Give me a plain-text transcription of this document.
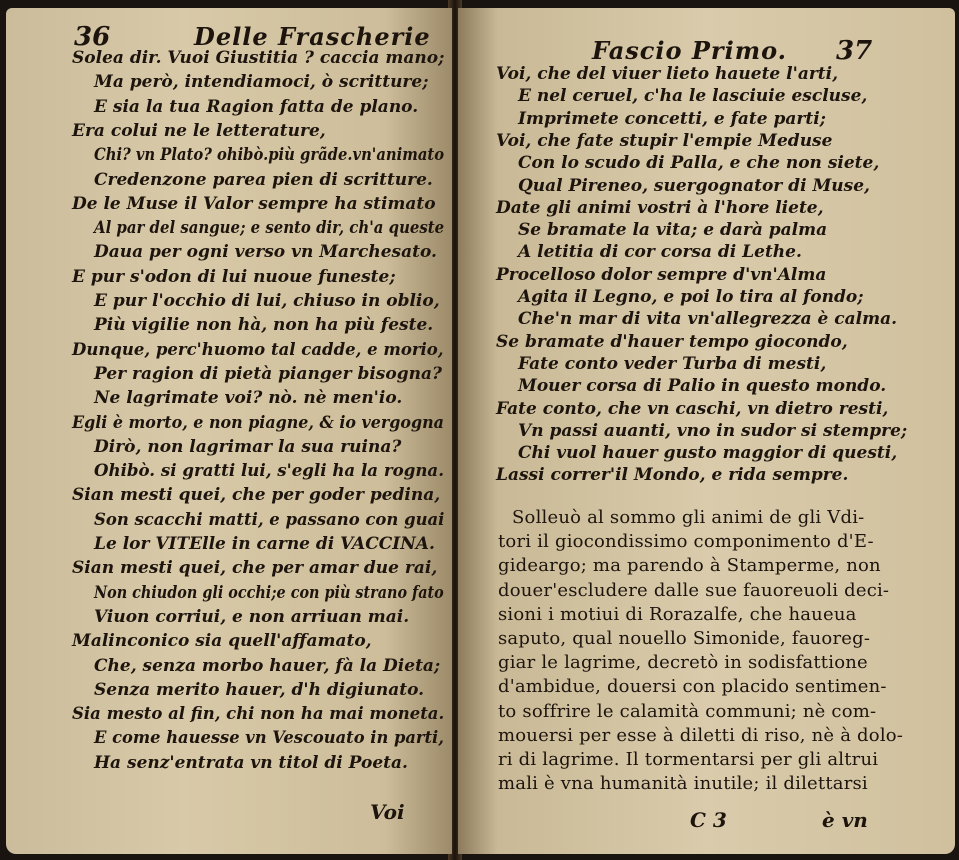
36	Delle Frascherie
Solea dir. Vuoi Giustitia ? caccia mano;
Ma però, intendiamoci, ò scritture;
E sia la tua Ragion fatta de plano.
Era colui ne le letterature,
Chi? vn Plato? ohibò.più grãde.vn'animato
Credenzone parea pien di scritture.
De le Muse il Valor sempre ha stimato
Al par del sangue; e sento dir, ch'a queste
Daua per ogni verso vn Marchesato.
E pur s'odon di lui nuoue funeste;
E pur l'occhio di lui, chiuso in oblio,
Più vigilie non hà, non ha più feste.
Dunque, perc'huomo tal cadde, e morio,
Per ragion di pietà pianger bisogna?
Ne lagrimate voi? nò. nè men'io.
Egli è morto, e non piagne, & io vergogna
Dirò, non lagrimar la sua ruina?
Ohibò. si gratti lui, s'egli ha la rogna.
Sian mesti quei, che per goder pedina,
Son scacchi matti, e passano con guai
Le lor VITElle in carne di VACCINA.
Sian mesti quei, che per amar due rai,
Non chiudon gli occhi;e con più strano fato
Viuon corriui, e non arriuan mai.
Malinconico sia quell'affamato,
Che, senza morbo hauer, fà la Dieta;
Senza merito hauer, d'h digiunato.
Sia mesto al fin, chi non ha mai moneta.
E come hauesse vn Vescouato in parti,
Ha senz'entrata vn titol di Poeta.
Voi
Fascio Primo. 37
Voi, che del viuer lieto hauete l'arti,
E nel ceruel, c'ha le lasciuie escluse,
Imprimete concetti, e fate parti;
Voi, che fate stupir l'empie Meduse
Con lo scudo di Palla, e che non siete,
Qual Pireneo, suergognator di Muse,
Date gli animi vostri à l'hore liete,
Se bramate la vita; e darà palma
A letitia di cor corsa di Lethe.
Procelloso dolor sempre d'vn'Alma
Agita il Legno, e poi lo tira al fondo;
Che'n mar di vita vn'allegrezza è calma.
Se bramate d'hauer tempo giocondo,
Fate conto veder Turba di mesti,
Mouer corsa di Palio in questo mondo.
Fate conto, che vn caschi, vn dietro resti,
Vn passi auanti, vno in sudor si stempre;
Chi vuol hauer gusto maggior di questi,
Lassi correr'il Mondo, e rida sempre.
Solleuò al sommo gli animi de gli Vdi-
tori il giocondissimo componimento d'E-
gideargo; ma parendo à Stamperme, non
douer'escludere dalle sue fauoreuoli deci-
sioni i motiui di Rorazalfe, che haueua
saputo, qual nouello Simonide, fauoreg-
giar le lagrime, decretò in sodisfattione
d'ambidue, douersi con placido sentimen-
to soffrire le calamità communi; nè com-
mouersi per esse à diletti di riso, nè à dolo-
ri di lagrime. Il tormentarsi per gli altrui
mali è vna humanità inutile; il dilettarsi
C 3	è vn
